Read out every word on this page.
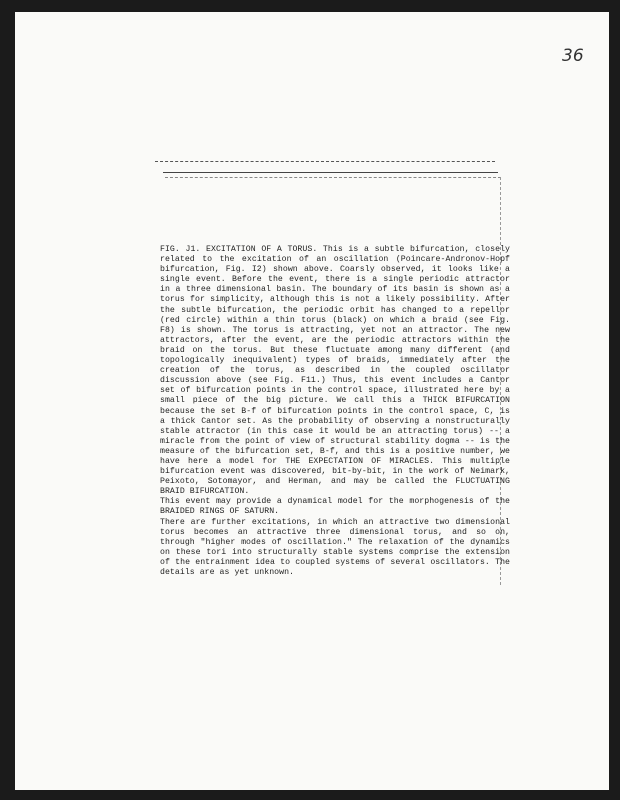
36

FIG. J1. EXCITATION OF A TORUS. This is a subtle bifurcation, closely related to the excitation of an oscillation (Poincare-Andronov-Hopf bifurcation, Fig. I2) shown above. Coarsly observed, it looks like a single event. Before the event, there is a single periodic attractor in a three dimensional basin. The boundary of its basin is shown as a torus for simplicity, although this is not a likely possibility. After the subtle bifurcation, the periodic orbit has changed to a repellor (red circle) within a thin torus (black) on which a braid (see Fig. F8) is shown. The torus is attracting, yet not an attractor. The new attractors, after the event, are the periodic attractors within the braid on the torus. But these fluctuate among many different (and topologically inequivalent) types of braids, immediately after the creation of the torus, as described in the coupled oscillator discussion above (see Fig. F11.) Thus, this event includes a Cantor set of bifurcation points in the control space, illustrated here by a small piece of the big picture. We call this a THICK BIFURCATION because the set B-f of bifurcation points in the control space, C, is a thick Cantor set. As the probability of observing a nonstructurally stable attractor (in this case it would be an attracting torus) -- a miracle from the point of view of structural stability dogma -- is the measure of the bifurcation set, B-f, and this is a positive number, we have here a model for THE EXPECTATION OF MIRACLES. This multiple bifurcation event was discovered, bit-by-bit, in the work of Neimark, Peixoto, Sotomayor, and Herman, and may be called the FLUCTUATING BRAID BIFURCATION.

This event may provide a dynamical model for the morphogenesis of the BRAIDED RINGS OF SATURN.

There are further excitations, in which an attractive two dimensional torus becomes an attractive three dimensional torus, and so on, through "higher modes of oscillation." The relaxation of the dynamics on these tori into structurally stable systems comprise the extension of the entrainment idea to coupled systems of several oscillators. The details are as yet unknown.
